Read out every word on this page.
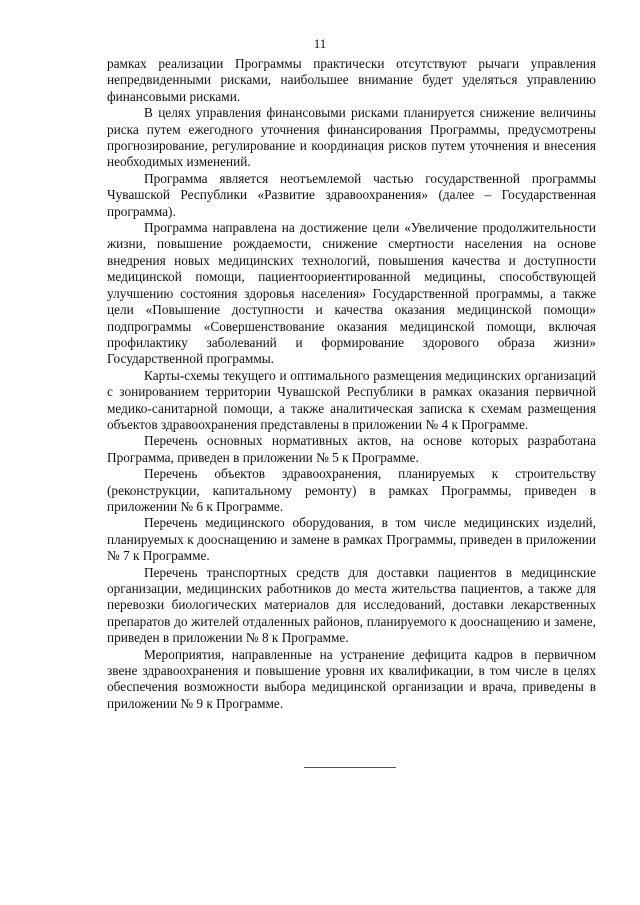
11

рамках реализации Программы практически отсутствуют рычаги управления непредвиденными рисками, наибольшее внимание будет уделяться управлению финансовыми рисками.

В целях управления финансовыми рисками планируется снижение величины риска путем ежегодного уточнения финансирования Программы, предусмотрены прогнозирование, регулирование и координация рисков путем уточнения и внесения необходимых изменений.

Программа является неотъемлемой частью государственной программы Чувашской Республики «Развитие здравоохранения» (далее – Государственная программа).

Программа направлена на достижение цели «Увеличение продолжительности жизни, повышение рождаемости, снижение смертности населения на основе внедрения новых медицинских технологий, повышения качества и доступности медицинской помощи, пациентоориентированной медицины, способствующей улучшению состояния здоровья населения» Государственной программы, а также цели «Повышение доступности и качества оказания медицинской помощи» подпрограммы «Совершенствование оказания медицинской помощи, включая профилактику заболеваний и формирование здорового образа жизни» Государственной программы.

Карты-схемы текущего и оптимального размещения медицинских организаций с зонированием территории Чувашской Республики в рамках оказания первичной медико-санитарной помощи, а также аналитическая записка к схемам размещения объектов здравоохранения представлены в приложении № 4 к Программе.

Перечень основных нормативных актов, на основе которых разработана Программа, приведен в приложении № 5 к Программе.

Перечень объектов здравоохранения, планируемых к строительству (реконструкции, капитальному ремонту) в рамках Программы, приведен в приложении № 6 к Программе.

Перечень медицинского оборудования, в том числе медицинских изделий, планируемых к дооснащению и замене в рамках Программы, приведен в приложении № 7 к Программе.

Перечень транспортных средств для доставки пациентов в медицинские организации, медицинских работников до места жительства пациентов, а также для перевозки биологических материалов для исследований, доставки лекарственных препаратов до жителей отдаленных районов, планируемого к дооснащению и замене, приведен в приложении № 8 к Программе.

Мероприятия, направленные на устранение дефицита кадров в первичном звене здравоохранения и повышение уровня их квалификации, в том числе в целях обеспечения возможности выбора медицинской организации и врача, приведены в приложении № 9 к Программе.
